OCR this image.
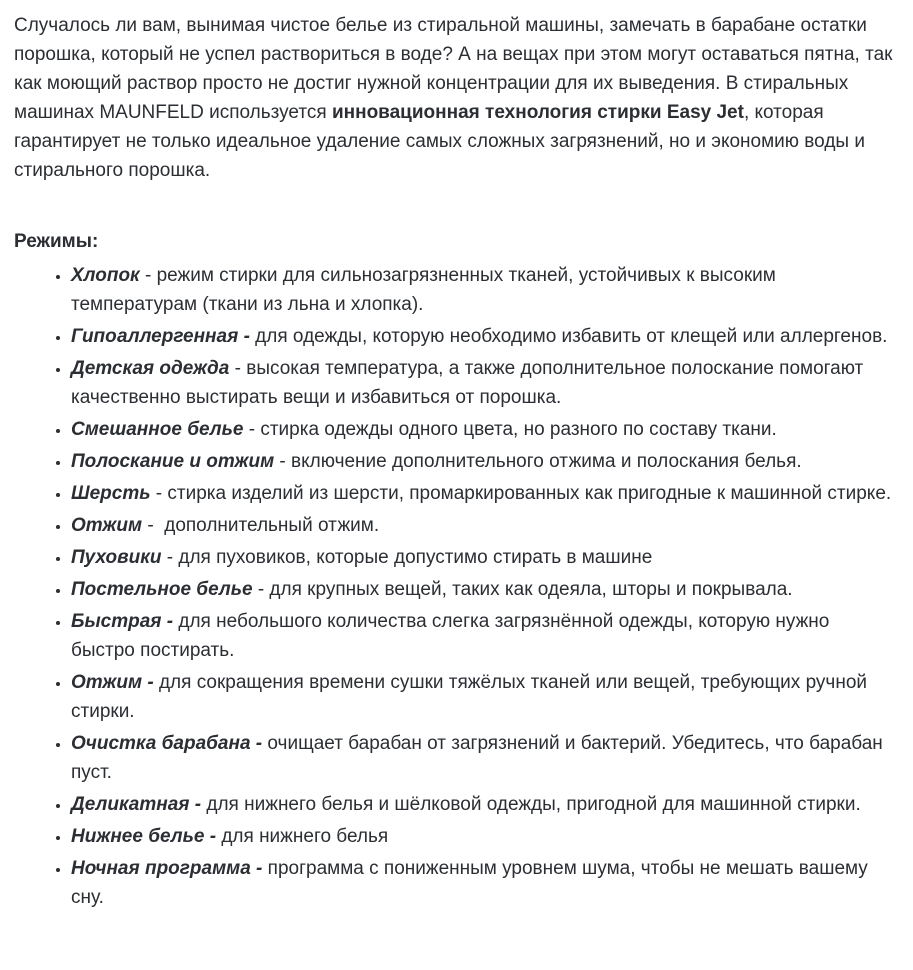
Случалось ли вам, вынимая чистое белье из стиральной машины, замечать в барабане остатки порошка, который не успел раствориться в воде? А на вещах при этом могут оставаться пятна, так как моющий раствор просто не достиг нужной концентрации для их выведения. В стиральных машинах MAUNFELD используется инновационная технология стирки Easy Jet, которая гарантирует не только идеальное удаление самых сложных загрязнений, но и экономию воды и стирального порошка.

Режимы:

• Хлопок - режим стирки для сильнозагрязненных тканей, устойчивых к высоким температурам (ткани из льна и хлопка).
• Гипоаллергенная - для одежды, которую необходимо избавить от клещей или аллергенов.
• Детская одежда - высокая температура, а также дополнительное полоскание помогают качественно выстирать вещи и избавиться от порошка.
• Смешанное белье - стирка одежды одного цвета, но разного по составу ткани.
• Полоскание и отжим - включение дополнительного отжима и полоскания белья.
• Шерсть - стирка изделий из шерсти, промаркированных как пригодные к машинной стирке.
• Отжим -  дополнительный отжим.
• Пуховики - для пуховиков, которые допустимо стирать в машине
• Постельное белье - для крупных вещей, таких как одеяла, шторы и покрывала.
• Быстрая - для небольшого количества слегка загрязнённой одежды, которую нужно быстро постирать.
• Отжим - для сокращения времени сушки тяжёлых тканей или вещей, требующих ручной стирки.
• Очистка барабана - очищает барабан от загрязнений и бактерий. Убедитесь, что барабан пуст.
• Деликатная - для нижнего белья и шёлковой одежды, пригодной для машинной стирки.
• Нижнее белье - для нижнего белья
• Ночная программа - программа с пониженным уровнем шума, чтобы не мешать вашему сну.
